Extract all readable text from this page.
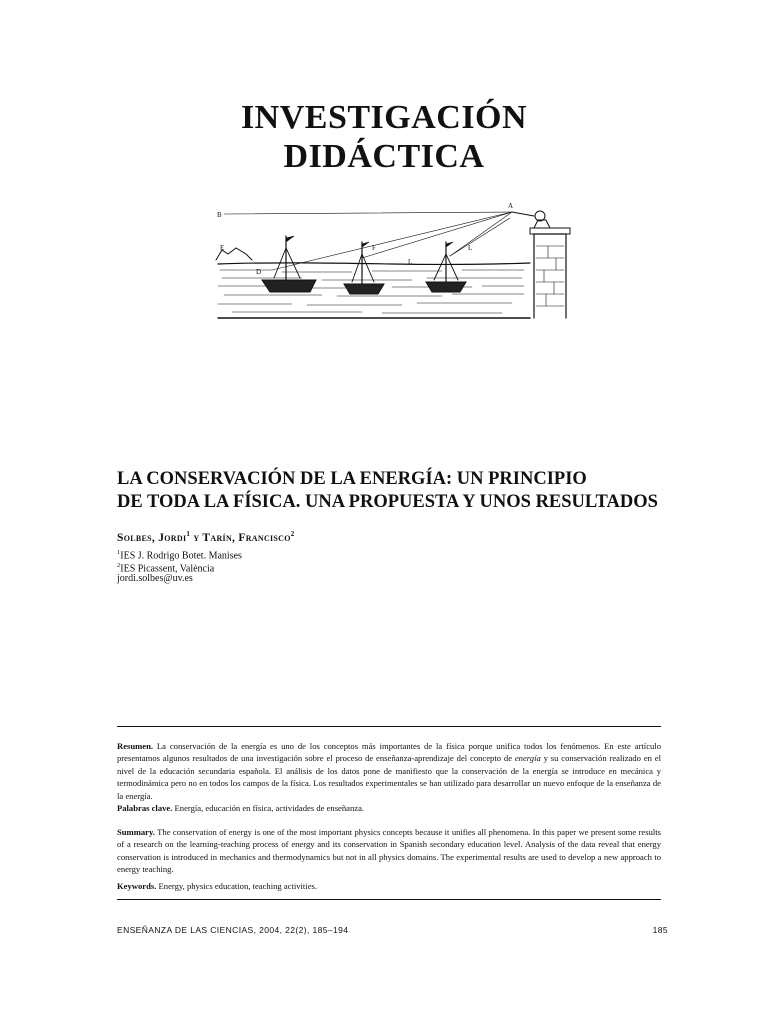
INVESTIGACIÓN
DIDÁCTICA
B
A
D
F
L
L
E
LA CONSERVACIÓN DE LA ENERGÍA: UN PRINCIPIO
DE TODA LA FÍSICA. UNA PROPUESTA Y UNOS RESULTADOS
Solbes, Jordi$^1$ y Tarín, Francisco$^2$
$^1$IES J. Rodrigo Botet. Manises
$^2$IES Picassent, València
jordi.solbes@uv.es
Resumen. La conservación de la energía es uno de los conceptos más importantes de la física porque unifica todos los fenómenos. En este artículo presentamos algunos resultados de una investigación sobre el proceso de enseñanza-aprendizaje del concepto de energía y su conservación realizado en el nivel de la educación secundaria española. El análisis de los datos pone de manifiesto que la conservación de la energía se introduce en mecánica y termodinámica pero no en todos los campos de la física. Los resultados experimentales se han utilizado para desarrollar un nuevo enfoque de la enseñanza de la energía.
Palabras clave. Energía, educación en física, actividades de enseñanza.
Summary. The conservation of energy is one of the most important physics concepts because it unifies all phenomena. In this paper we present some results of a research on the learning-teaching process of energy and its conservation in Spanish secondary education level. Analysis of the data reveal that energy conservation is introduced in mechanics and thermodynamics but not in all physics domains. The experimental results are used to develop a new approach to energy teaching.
Keywords. Energy, physics education, teaching activities.
ENSEÑANZA DE LAS CIENCIAS, 2004, 22(2), 185–194	185
